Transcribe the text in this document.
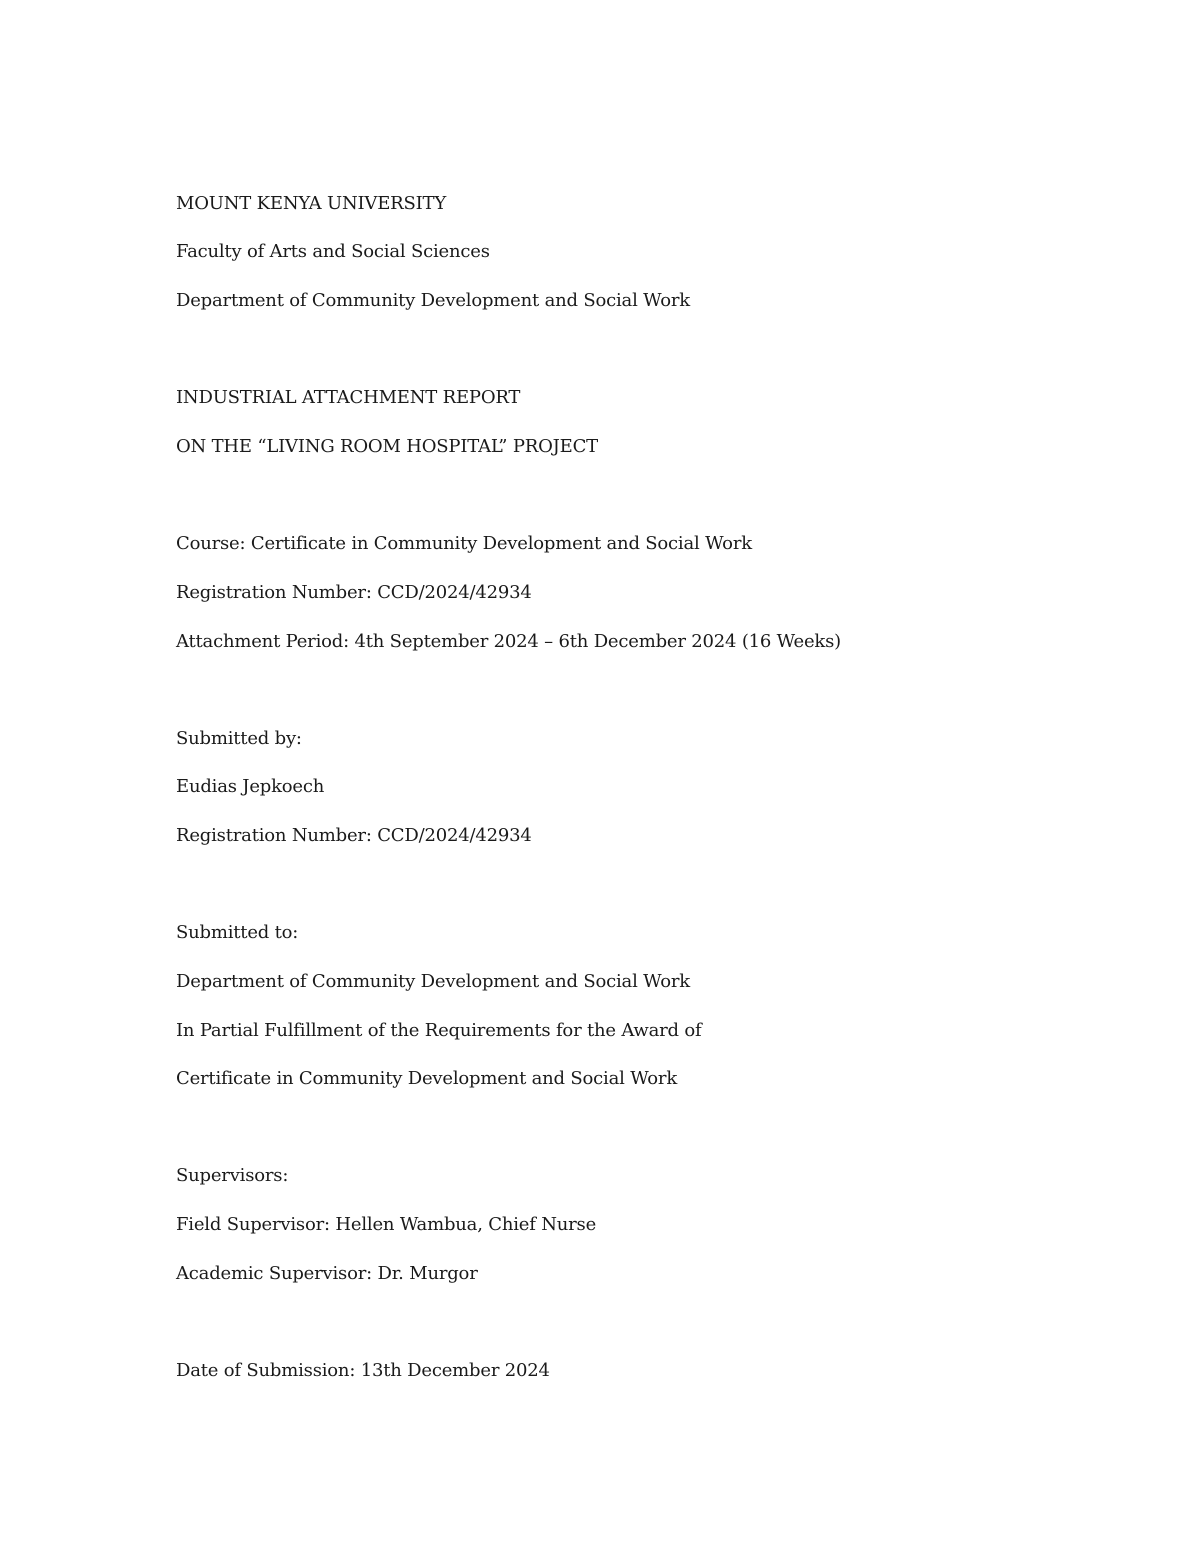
MOUNT KENYA UNIVERSITY
Faculty of Arts and Social Sciences
Department of Community Development and Social Work
INDUSTRIAL ATTACHMENT REPORT
ON THE “LIVING ROOM HOSPITAL” PROJECT
Course: Certificate in Community Development and Social Work
Registration Number: CCD/2024/42934
Attachment Period: 4th September 2024 – 6th December 2024 (16 Weeks)
Submitted by:
Eudias Jepkoech
Registration Number: CCD/2024/42934
Submitted to:
Department of Community Development and Social Work
In Partial Fulfillment of the Requirements for the Award of
Certificate in Community Development and Social Work
Supervisors:
Field Supervisor: Hellen Wambua, Chief Nurse
Academic Supervisor: Dr. Murgor
Date of Submission: 13th December 2024
